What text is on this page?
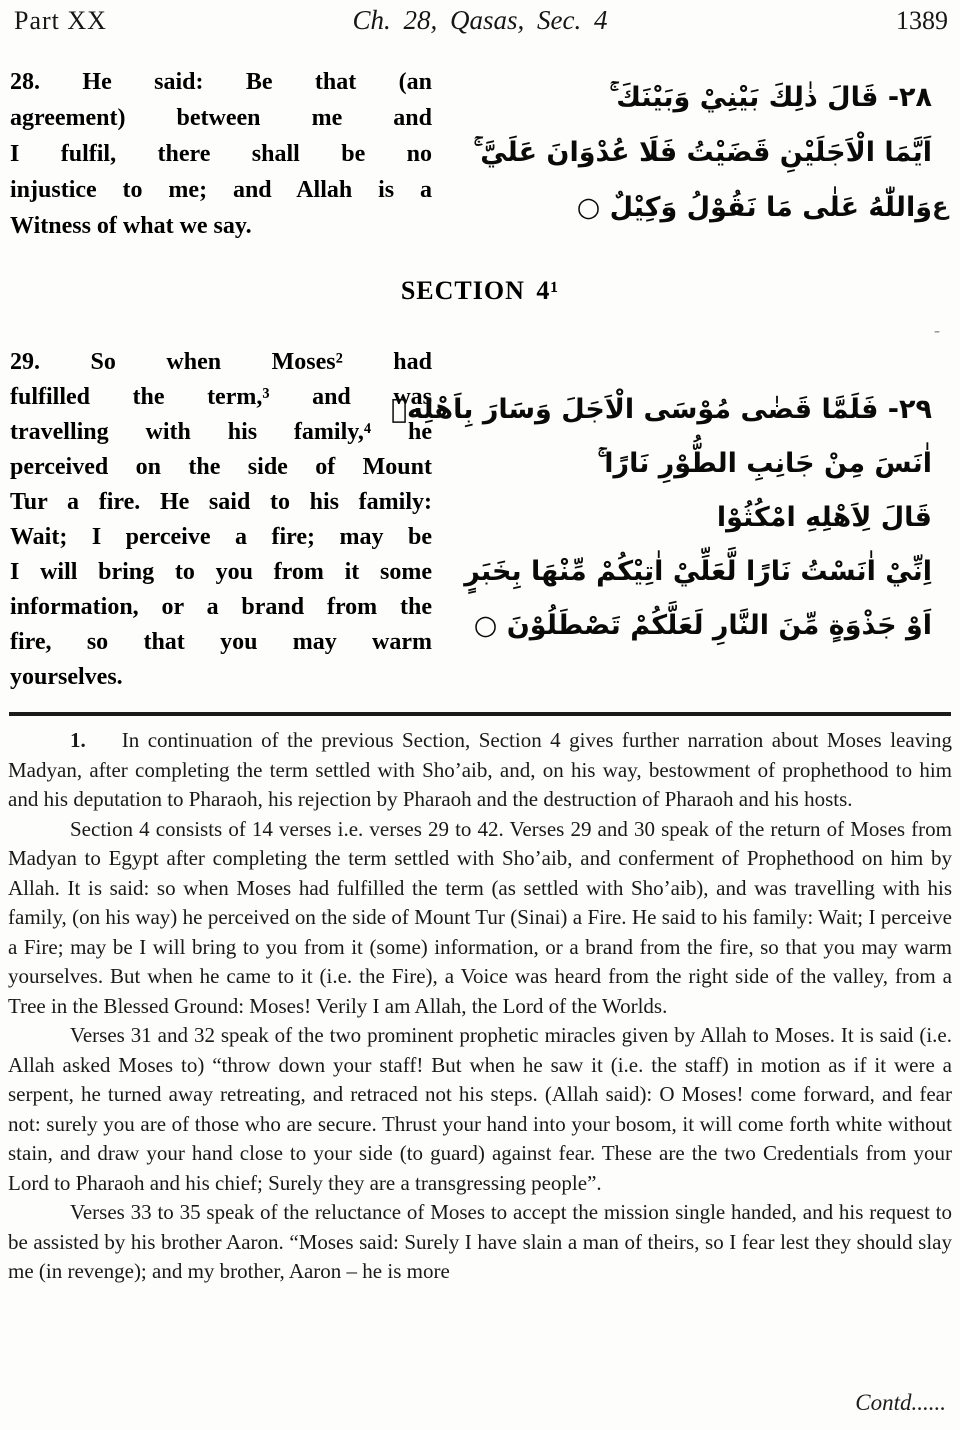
Part XX	Ch. 28, Qasas, Sec. 4	1389
28. He said: Be that (an
agreement) between me and
I fulfil, there shall be no
injustice to me; and Allah is a
Witness of what we say.
٢٨- قَالَ ذٰلِكَ بَيْنِيْ وَبَيْنَكَ ۚ
اَيَّمَا الْاَجَلَيْنِ قَضَيْتُ فَلَا عُدْوَانَ عَلَيَّ ۚ
وَاللّٰهُ عَلٰى مَا نَقُوْلُ وَكِيْلٌ ○ ع
-
SECTION 4¹
29. So when Moses² had
fulfilled the term,³ and was
travelling with his family,⁴ he
perceived on the side of Mount
Tur a fire. He said to his family:
Wait; I perceive a fire; may be
I will bring to you from it some
information, or a brand from the
fire, so that you may warm
yourselves.
٢٩- فَلَمَّا قَضٰى مُوْسَى الْاَجَلَ وَسَارَ بِاَهْلِهٖ
اٰنَسَ مِنْ جَانِبِ الطُّوْرِ نَارًا ۚ
قَالَ لِاَهْلِهِ امْكُثُوْا
اِنِّيْ اٰنَسْتُ نَارًا لَّعَلِّيْ اٰتِيْكُمْ مِّنْهَا بِخَبَرٍ
اَوْ جَذْوَةٍ مِّنَ النَّارِ لَعَلَّكُمْ تَصْطَلُوْنَ ○

1. In continuation of the previous Section, Section 4 gives further narration about Moses leaving Madyan, after completing the term settled with Sho’aib, and, on his way, bestowment of prophethood to him and his deputation to Pharaoh, his rejection by Pharaoh and the destruction of Pharaoh and his hosts.

Section 4 consists of 14 verses i.e. verses 29 to 42. Verses 29 and 30 speak of the return of Moses from Madyan to Egypt after completing the term settled with Sho’aib, and conferment of Prophethood on him by Allah. It is said: so when Moses had fulfilled the term (as settled with Sho’aib), and was travelling with his family, (on his way) he perceived on the side of Mount Tur (Sinai) a Fire. He said to his family: Wait; I perceive a Fire; may be I will bring to you from it (some) information, or a brand from the fire, so that you may warm yourselves. But when he came to it (i.e. the Fire), a Voice was heard from the right side of the valley, from a Tree in the Blessed Ground: Moses! Verily I am Allah, the Lord of the Worlds.

Verses 31 and 32 speak of the two prominent prophetic miracles given by Allah to Moses. It is said (i.e. Allah asked Moses to) “throw down your staff! But when he saw it (i.e. the staff) in motion as if it were a serpent, he turned away retreating, and retraced not his steps. (Allah said): O Moses! come forward, and fear not: surely you are of those who are secure. Thrust your hand into your bosom, it will come forth white without stain, and draw your hand close to your side (to guard) against fear. These are the two Credentials from your Lord to Pharaoh and his chief; Surely they are a transgressing people”.

Verses 33 to 35 speak of the reluctance of Moses to accept the mission single handed, and his request to be assisted by his brother Aaron. “Moses said: Surely I have slain a man of theirs, so I fear lest they should slay me (in revenge); and my brother, Aaron – he is more

Contd......
